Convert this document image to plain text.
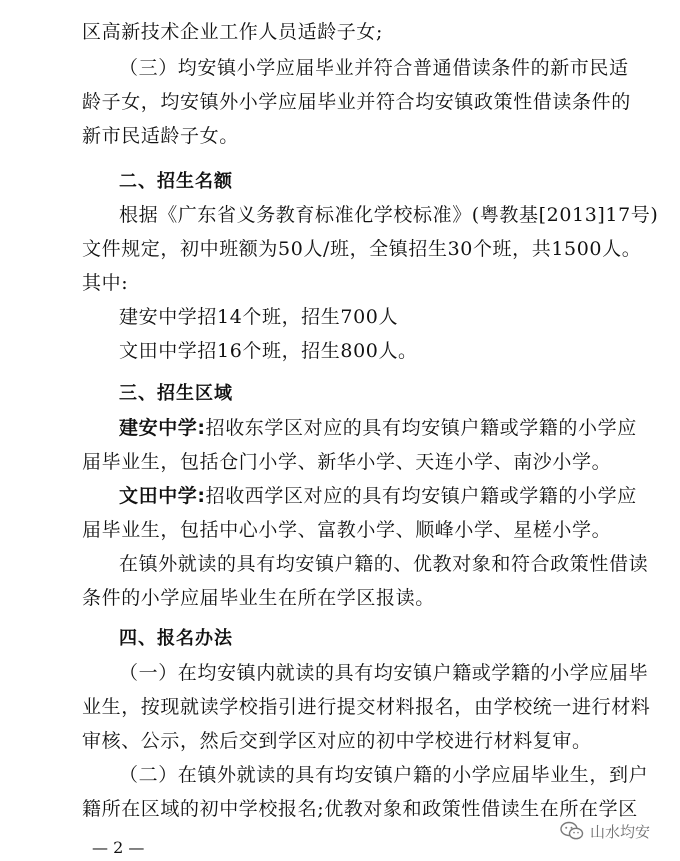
区高新技术企业工作人员适龄子女;
（三）均安镇小学应届毕业并符合普通借读条件的新市民适
龄子女，均安镇外小学应届毕业并符合均安镇政策性借读条件的
新市民适龄子女。
二、招生名额
根据《广东省义务教育标准化学校标准》(粤教基[2013]17号)
文件规定，初中班额为50人/班，全镇招生30个班，共1500人。
其中:
建安中学招14个班，招生700人
文田中学招16个班，招生800人。
三、招生区域
建安中学:招收东学区对应的具有均安镇户籍或学籍的小学应
届毕业生，包括仓门小学、新华小学、天连小学、南沙小学。
文田中学:招收西学区对应的具有均安镇户籍或学籍的小学应
届毕业生，包括中心小学、富教小学、顺峰小学、星槎小学。
在镇外就读的具有均安镇户籍的、优教对象和符合政策性借读
条件的小学应届毕业生在所在学区报读。
四、报名办法
（一）在均安镇内就读的具有均安镇户籍或学籍的小学应届毕
业生，按现就读学校指引进行提交材料报名，由学校统一进行材料
审核、公示，然后交到学区对应的初中学校进行材料复审。
（二）在镇外就读的具有均安镇户籍的小学应届毕业生，到户
籍所在区域的初中学校报名;优教对象和政策性借读生在所在学区
— 2 —
山水均安
